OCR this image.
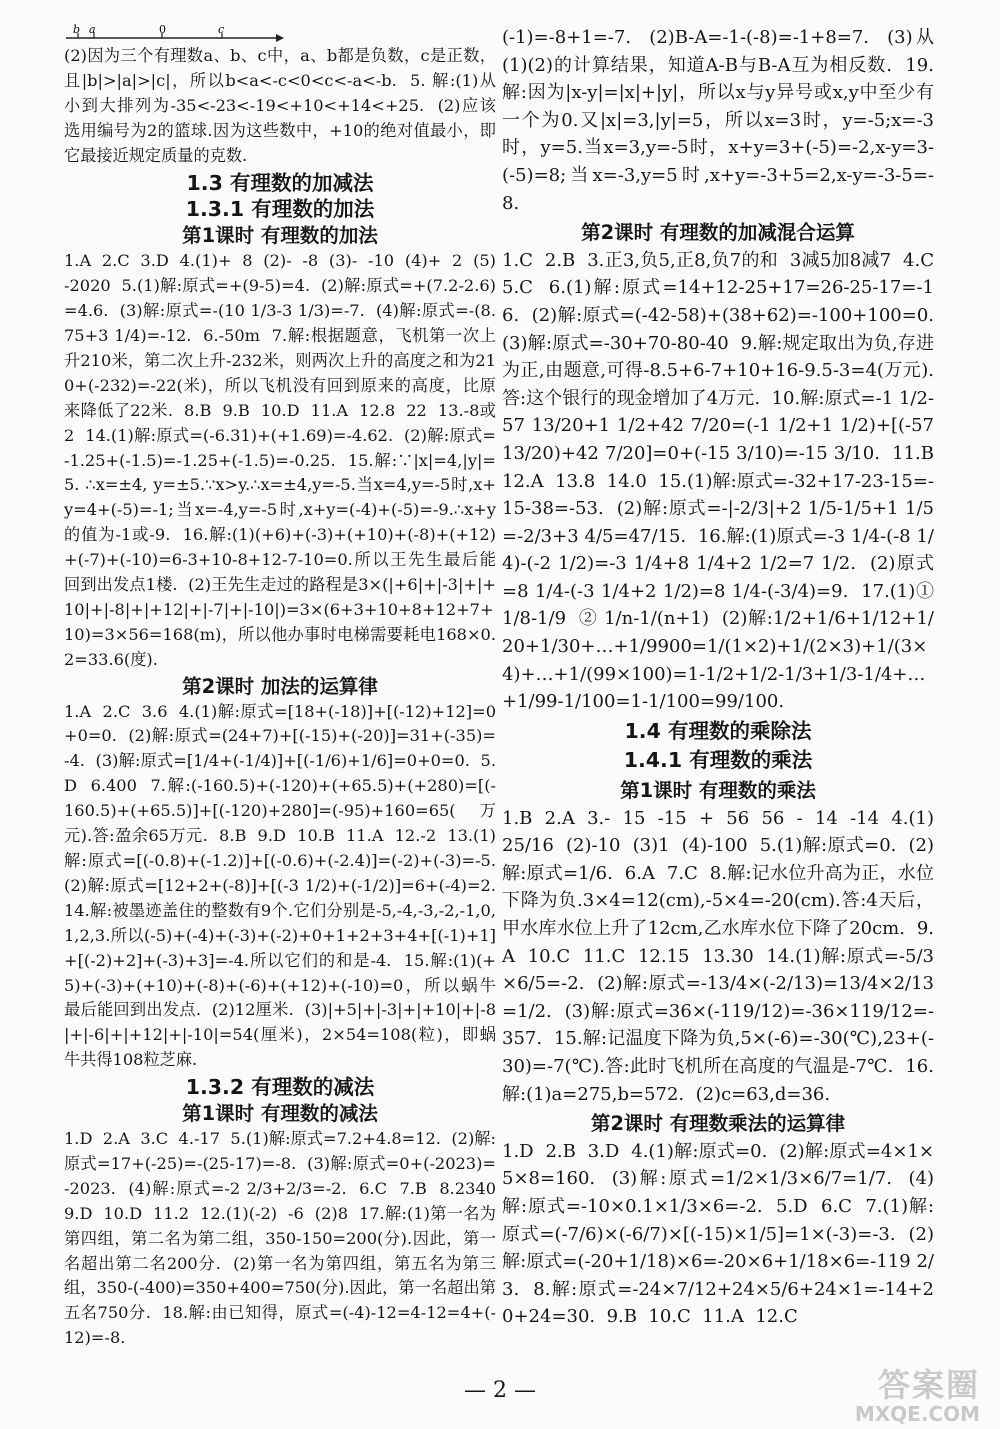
b a	0	c

(2)因为三个有理数a、b、c中，a、b都是负数，c是正数，且|b|>|a|>|c|，所以b<a<-c<0<c<-a<-b.  5. 解:(1)从小到大排列为-35<-23<-19<+10<+14<+25.  (2)应该选用编号为2的篮球.因为这些数中，+10的绝对值最小，即它最接近规定质量的克数.

1.3 有理数的加减法

1.3.1 有理数的加法

第1课时 有理数的加法

1.A  2.C  3.D  4.(1)+  8  (2)-  -8  (3)-  -10  (4)+  2  (5)-2020  5.(1)解:原式=+(9-5)=4.  (2)解:原式=+(7.2-2.6)=4.6.  (3)解:原式=-(10 1/3-3 1/3)=-7.  (4)解:原式=-(8.75+3 1/4)=-12.  6.-50m  7.解:根据题意，飞机第一次上升210米，第二次上升-232米，则两次上升的高度之和为210+(-232)=-22(米)，所以飞机没有回到原来的高度，比原来降低了22米.  8.B  9.B  10.D  11.A  12.8  22  13.-8或2  14.(1)解:原式=(-6.31)+(+1.69)=-4.62.  (2)解:原式=-1.25+(-1.5)=-1.25+(-1.5)=-0.25.  15.解:∵|x|=4,|y|=5. ∴x=±4, y=±5.∵x>y.∴x=±4,y=-5.当x=4,y=-5时,x+y=4+(-5)=-1;当x=-4,y=-5时,x+y=(-4)+(-5)=-9.∴x+y的值为-1或-9.  16.解:(1)(+6)+(-3)+(+10)+(-8)+(+12)+(-7)+(-10)=6-3+10-8+12-7-10=0.所以王先生最后能回到出发点1楼.  (2)王先生走过的路程是3×(|+6|+|-3|+|+10|+|-8|+|+12|+|-7|+|-10|)=3×(6+3+10+8+12+7+10)=3×56=168(m)，所以他办事时电梯需要耗电168×0.2=33.6(度).

第2课时 加法的运算律

1.A  2.C  3.6  4.(1)解:原式=[18+(-18)]+[(-12)+12]=0+0=0.  (2)解:原式=(24+7)+[(-15)+(-20)]=31+(-35)=-4.  (3)解:原式=[1/4+(-1/4)]+[(-1/6)+1/6]=0+0=0.  5.D  6.400  7.解:(-160.5)+(-120)+(+65.5)+(+280)=[(-160.5)+(+65.5)]+[(-120)+280]=(-95)+160=65(万元).答:盈余65万元.  8.B  9.D  10.B  11.A  12.-2  13.(1)解:原式=[(-0.8)+(-1.2)]+[(-0.6)+(-2.4)]=(-2)+(-3)=-5.  (2)解:原式=[12+2+(-8)]+[(-3 1/2)+(-1/2)]=6+(-4)=2.  14.解:被墨迹盖住的整数有9个.它们分别是-5,-4,-3,-2,-1,0,1,2,3.所以(-5)+(-4)+(-3)+(-2)+0+1+2+3+4+[(-1)+1]+[(-2)+2]+(-3)+3]=-4.所以它们的和是-4.  15.解:(1)(+5)+(-3)+(+10)+(-8)+(-6)+(+12)+(-10)=0，所以蜗牛最后能回到出发点.  (2)12厘米.  (3)|+5|+|-3|+|+10|+|-8|+|-6|+|+12|+|-10|=54(厘米)，2×54=108(粒)，即蜗牛共得108粒芝麻.

1.3.2 有理数的减法

第1课时 有理数的减法

1.D  2.A  3.C  4.-17  5.(1)解:原式=7.2+4.8=12.  (2)解:原式=17+(-25)=-(25-17)=-8.  (3)解:原式=0+(-2023)=-2023.  (4)解:原式=-2 2/3+2/3=-2.  6.C  7.B  8.2340  9.D  10.D  11.2  12.(1)(-2)  -6  (2)8  17.解:(1)第一名为第四组，第二名为第二组，350-150=200(分).因此，第一名超出第二名200分.  (2)第一名为第四组，第五名为第三组，350-(-400)=350+400=750(分).因此，第一名超出第五名750分.  18.解:由已知得，原式=(-4)-12=4-12=4+(-12)=-8.

(-1)=-8+1=-7.  (2)B-A=-1-(-8)=-1+8=7.  (3)从(1)(2)的计算结果，知道A-B与B-A互为相反数.  19.解:因为|x-y|=|x|+|y|，所以x与y异号或x,y中至少有一个为0.又|x|=3,|y|=5，所以x=3时，y=-5;x=-3时，y=5.当x=3,y=-5时，x+y=3+(-5)=-2,x-y=3-(-5)=8;当x=-3,y=5时,x+y=-3+5=2,x-y=-3-5=-8.

第2课时 有理数的加减混合运算

1.C  2.B  3.正3,负5,正8,负7的和  3减5加8减7  4.C  5.C  6.(1)解:原式=14+12-25+17=26-25-17=-16.  (2)解:原式=(-42-58)+(38+62)=-100+100=0.  (3)解:原式=-30+70-80-40  9.解:规定取出为负,存进为正,由题意,可得-8.5+6-7+10+16-9.5-3=4(万元).答:这个银行的现金增加了4万元.  10.解:原式=-1 1/2-57 13/20+1 1/2+42 7/20=(-1 1/2+1 1/2)+[(-57 13/20)+42 7/20]=0+(-15 3/10)=-15 3/10.  11.B  12.A  13.8  14.0  15.(1)解:原式=-32+17-23-15=-15-38=-53.  (2)解:原式=-|-2/3|+2 1/5-1/5+1 1/5=-2/3+3 4/5=47/15.  16.解:(1)原式=-3 1/4-(-8 1/4)-(-2 1/2)=-3 1/4+8 1/4+2 1/2=7 1/2.  (2)原式=8 1/4-(-3 1/4+2 1/2)=8 1/4-(-3/4)=9.  17.(1)① 1/8-1/9  ② 1/n-1/(n+1)  (2)解:1/2+1/6+1/12+1/20+1/30+…+1/9900=1/(1×2)+1/(2×3)+1/(3×4)+…+1/(99×100)=1-1/2+1/2-1/3+1/3-1/4+…+1/99-1/100=1-1/100=99/100.

1.4 有理数的乘除法

1.4.1 有理数的乘法

第1课时 有理数的乘法

1.B  2.A  3.-  15  -15  +  56  56  -  14  -14  4.(1)25/16  (2)-10  (3)1  (4)-100  5.(1)解:原式=0.  (2)解:原式=1/6.  6.A  7.C  8.解:记水位升高为正，水位下降为负.3×4=12(cm),-5×4=-20(cm).答:4天后，甲水库水位上升了12cm,乙水库水位下降了20cm.  9.A  10.C  11.C  12.15  13.30  14.(1)解:原式=-5/3×6/5=-2.  (2)解:原式=-13/4×(-2/13)=13/4×2/13=1/2.  (3)解:原式=36×(-119/12)=-36×119/12=-357.  15.解:记温度下降为负,5×(-6)=-30(℃),23+(-30)=-7(℃).答:此时飞机所在高度的气温是-7℃.  16.解:(1)a=275,b=572.  (2)c=63,d=36.

第2课时 有理数乘法的运算律

1.D  2.B  3.D  4.(1)解:原式=0.  (2)解:原式=4×1×5×8=160.  (3)解:原式=1/2×1/3×6/7=1/7.  (4)解:原式=-10×0.1×1/3×6=-2.  5.D  6.C  7.(1)解:原式=(-7/6)×(-6/7)×[(-15)×1/5]=1×(-3)=-3.  (2)解:原式=(-20+1/18)×6=-20×6+1/18×6=-119 2/3.  8.解:原式=-24×7/12+24×5/6+24×1=-14+20+24=30.  9.B  10.C  11.A  12.C

— 2 —	答案圈
MXQE.COM
